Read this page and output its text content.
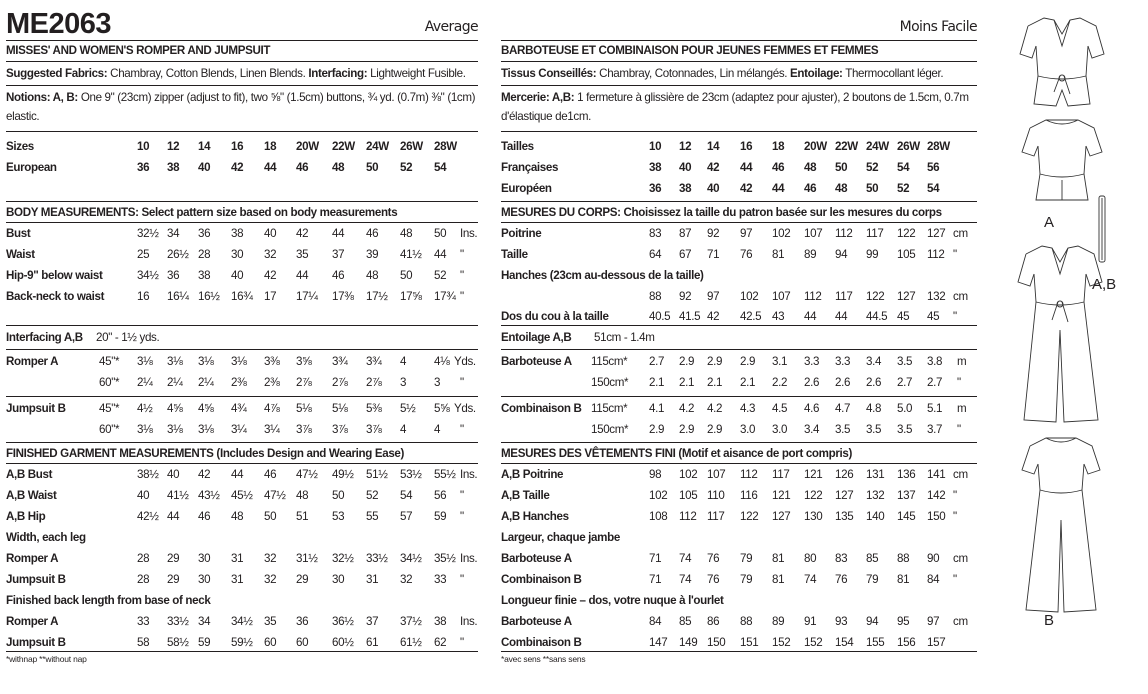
ME2063	Average
MISSES' AND WOMEN'S ROMPER AND JUMPSUIT
Suggested Fabrics: Chambray, Cotton Blends, Linen Blends. Interfacing: Lightweight Fusible.
Notions: A, B: One 9" (23cm) zipper (adjust to fit), two ⅝" (1.5cm) buttons, ¾ yd. (0.7m) ⅜" (1cm)
elastic.
Sizes	10 12 14 16 18 20W 22W 24W 26W 28W
European	36 38 40 42 44 46 48 50 52 54
BODY MEASUREMENTS: Select pattern size based on body measurements
Bust	32½ 34 36 38 40 42 44 46 48 50 Ins.
Waist	25 26½ 28 30 32 35 37 39 41½ 44 "
Hip-9" below waist	34½ 36 38 40 42 44 46 48 50 52 "
Back-neck to waist	16 16¼ 16½ 16¾ 17 17¼ 17⅜ 17½ 17⅝ 17¾ "
Interfacing A,B 20" - 1½ yds.
Romper A	45"* 3⅛ 3⅛ 3⅛ 3⅛ 3⅜ 3⅝ 3¾ 3¾ 4 4⅛ Yds.
60"* 2¼ 2¼ 2¼ 2⅜ 2⅜ 2⅞ 2⅞ 2⅞ 3 3 "
Jumpsuit B	45"* 4½ 4⅝ 4⅝ 4¾ 4⅞ 5⅛ 5⅛ 5⅜ 5½ 5⅝ Yds.
60"* 3⅛ 3⅛ 3⅛ 3¼ 3¼ 3⅞ 3⅞ 3⅞ 4 4 "
FINISHED GARMENT MEASUREMENTS (Includes Design and Wearing Ease)
A,B Bust	38½ 40 42 44 46 47½ 49½ 51½ 53½ 55½ Ins.
A,B Waist	40 41½ 43½ 45½ 47½ 48 50 52 54 56 "
A,B Hip	42½ 44 46 48 50 51 53 55 57 59 "
Width, each leg
Romper A	28 29 30 31 32 31½ 32½ 33½ 34½ 35½ Ins.
Jumpsuit B	28 29 30 31 32 29 30 31 32 33 "
Finished back length from base of neck
Romper A	33 33½ 34 34½ 35 36 36½ 37 37½ 38 Ins.
Jumpsuit B	58 58½ 59 59½ 60 60 60½ 61 61½ 62 "
*withnap **without nap
Moins Facile
BARBOTEUSE ET COMBINAISON POUR JEUNES FEMMES ET FEMMES
Tissus Conseillés: Chambray, Cotonnades, Lin mélangés. Entoilage: Thermocollant léger.
Mercerie: A,B: 1 fermeture à glissière de 23cm (adaptez pour ajuster), 2 boutons de 1.5cm, 0.7m
d'élastique de1cm.
Tailles	10 12 14 16 18 20W 22W 24W 26W 28W
Françaises	38 40 42 44 46 48 50 52 54 56
Européen	36 38 40 42 44 46 48 50 52 54
MESURES DU CORPS: Choisissez la taille du patron basée sur les mesures du corps
Poitrine	83 87 92 97 102 107 112 117 122 127 cm
Taille	64 67 71 76 81 89 94 99 105 112 "
Hanches (23cm au-dessous de la taille)
88 92 97 102 107 112 117 122 127 132 cm
Dos du cou à la taille	40.5 41.5 42 42.5 43 44 44 44.5 45 45 "
Entoilage A,B 51cm - 1.4m
Barboteuse A 115cm* 2.7 2.9 2.9 2.9 3.1 3.3 3.3 3.4 3.5 3.8 m
150cm* 2.1 2.1 2.1 2.1 2.2 2.6 2.6 2.6 2.7 2.7 "
Combinaison B 115cm* 4.1 4.2 4.2 4.3 4.5 4.6 4.7 4.8 5.0 5.1 m
150cm* 2.9 2.9 2.9 3.0 3.0 3.4 3.5 3.5 3.5 3.7 "
MESURES DES VÊTEMENTS FINI (Motif et aisance de port compris)
A,B Poitrine	98 102 107 112 117 121 126 131 136 141 cm
A,B Taille	102 105 110 116 121 122 127 132 137 142 "
A,B Hanches	108 112 117 122 127 130 135 140 145 150 "
Largeur, chaque jambe
Barboteuse A	71 74 76 79 81 80 83 85 88 90 cm
Combinaison B	71 74 76 79 81 74 76 79 81 84 "
Longueur finie – dos, votre nuque à l'ourlet
Barboteuse A	84 85 86 88 89 91 93 94 95 97 cm
Combinaison B	147 149 150 151 152 152 154 155 156 157
*avec sens **sans sens
A
A,B
B
